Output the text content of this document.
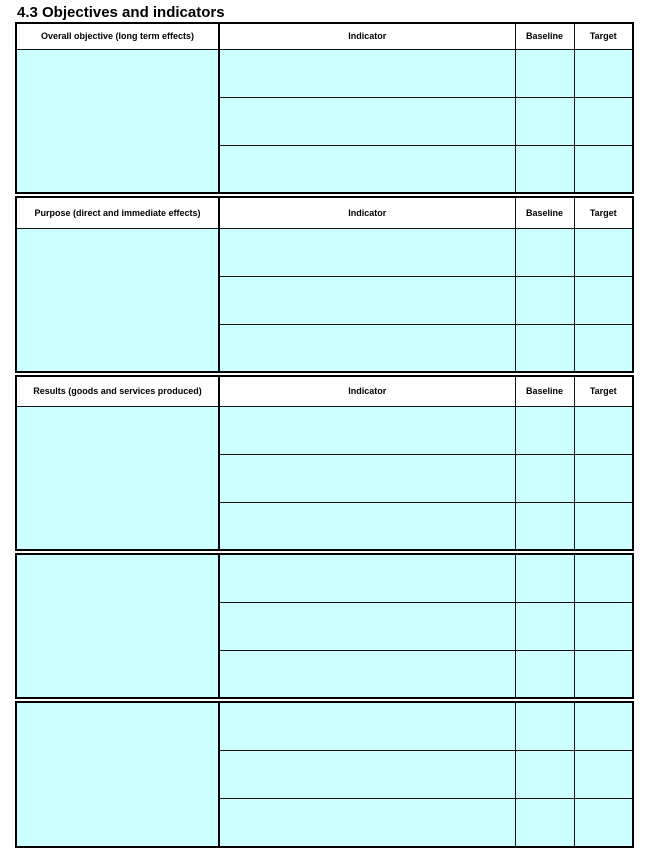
4.3 Objectives and indicators
Overall objective (long term effects)	Indicator	Baseline	Target

Purpose (direct and immediate effects)	Indicator	Baseline	Target

Results (goods and services produced)	Indicator	Baseline	Target
